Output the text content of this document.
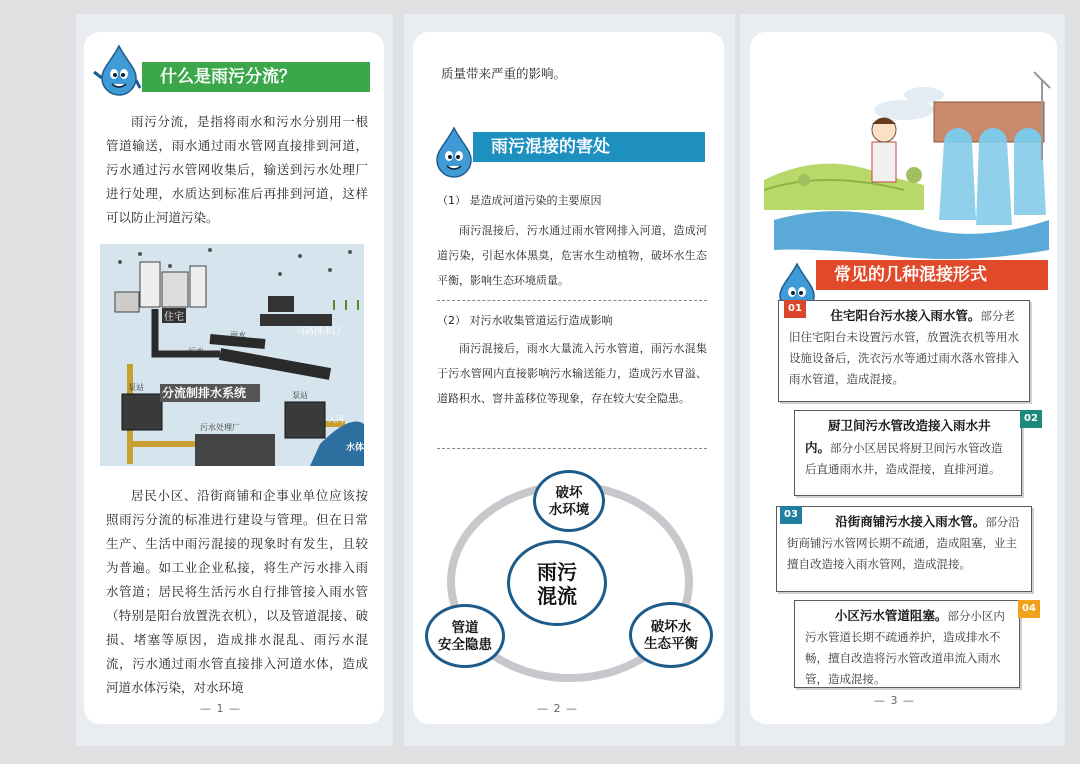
什么是雨污分流？
雨污分流，是指将雨水和污水分别用一根管道输送，雨水通过雨水管网直接排到河道，污水通过污水管网收集后，输送到污水处理厂进行处理，水质达到标准后再排到河道，这样可以防止河道污染。
住宅
马路排水口
污水
雨水
泵站
泵站
分流制排水系统
污水处理厂
入河
水体
居民小区、沿街商铺和企事业单位应该按照雨污分流的标准进行建设与管理。但在日常生产、生活中雨污混接的现象时有发生，且较为普遍。如工业企业私接，将生产污水排入雨水管道；居民将生活污水自行排管接入雨水管（特别是阳台放置洗衣机），以及管道混接、破损、堵塞等原因，造成排水混乱、雨污水混流，污水通过雨水管直接排入河道水体，造成河道水体污染，对水环境
— 1 —
质量带来严重的影响。
雨污混接的害处
（1） 是造成河道污染的主要原因
雨污混接后，污水通过雨水管网排入河道，造成河道污染，引起水体黑臭，危害水生动植物，破坏水生态平衡，影响生态环境质量。
（2） 对污水收集管道运行造成影响
雨污混接后，雨水大量流入污水管道，雨污水混集于污水管网内直接影响污水输送能力，造成污水冒溢、道路积水、窨井盖移位等现象，存在较大安全隐患。
雨污
混流
破坏
水环境
管道
安全隐患
破坏水
生态平衡
— 2 —
常见的几种混接形式
住宅阳台污水接入雨水管。部分老旧住宅阳台未设置污水管，放置洗衣机等用水设施设备后，洗衣污水等通过雨水落水管排入雨水管道，造成混接。
01
厨卫间污水管改造接入雨水井内。部分小区居民将厨卫间污水管改造后直通雨水井，造成混接，直排河道。
02
沿街商铺污水接入雨水管。部分沿街商铺污水管网长期不疏通，造成阻塞，业主擅自改造接入雨水管网，造成混接。
03
小区污水管道阻塞。部分小区内污水管道长期不疏通养护，造成排水不畅，擅自改造将污水管改道串流入雨水管，造成混接。
04
— 3 —
